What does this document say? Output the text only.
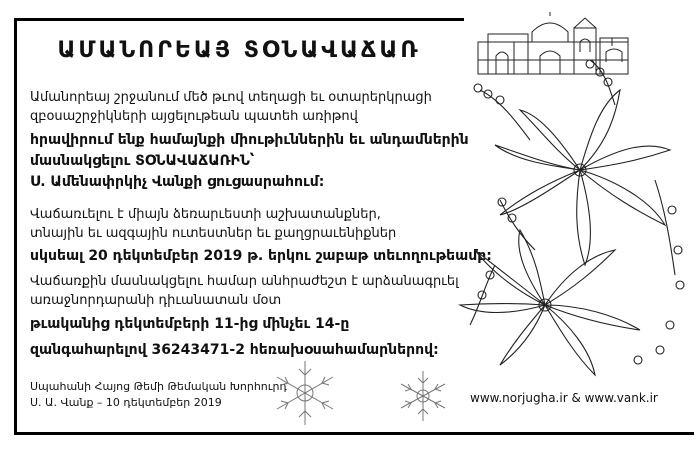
ԱՄԱՆՈՐԵԱՅ ՏՕՆԱՎԱՃԱՌ
Ամանորեայ շրջանում մեծ թւով տեղացի եւ օտարերկրացի
զբօսաշրջիկների այցելութեան պատեհ առիթով
հրավիրում ենք համայնքի միութիւններին եւ անդամներին
մասնակցելու ՏՕՆԱՎԱՃԱՌԻՆ՝
Ս. Ամենափրկիչ Վանքի ցուցասրահում:
Վաճառւելու է միայն ձեռարւեստի աշխատանքներ,
տնային եւ ազգային ուտեստներ եւ քաղցրաւենիքներ
սկսեալ 20 դեկտեմբեր 2019 թ. երկու շաբաթ տեւողութեամբ:
Վաճառքին մասնակցելու համար անհրաժեշտ է արձանագրւել
առաջնորդարանի դիւանատան մօտ
թւականից դեկտեմբերի 11-ից մինչեւ 14-ը
զանգահարելով 36243471-2 հեռախօսահամարներով:
Սպահանի Հայոց Թեմի Թեմական Խորհուրդ
Ս. Ա. Վանք – 10 դեկտեմբեր 2019	www.norjugha.ir & www.vank.ir
